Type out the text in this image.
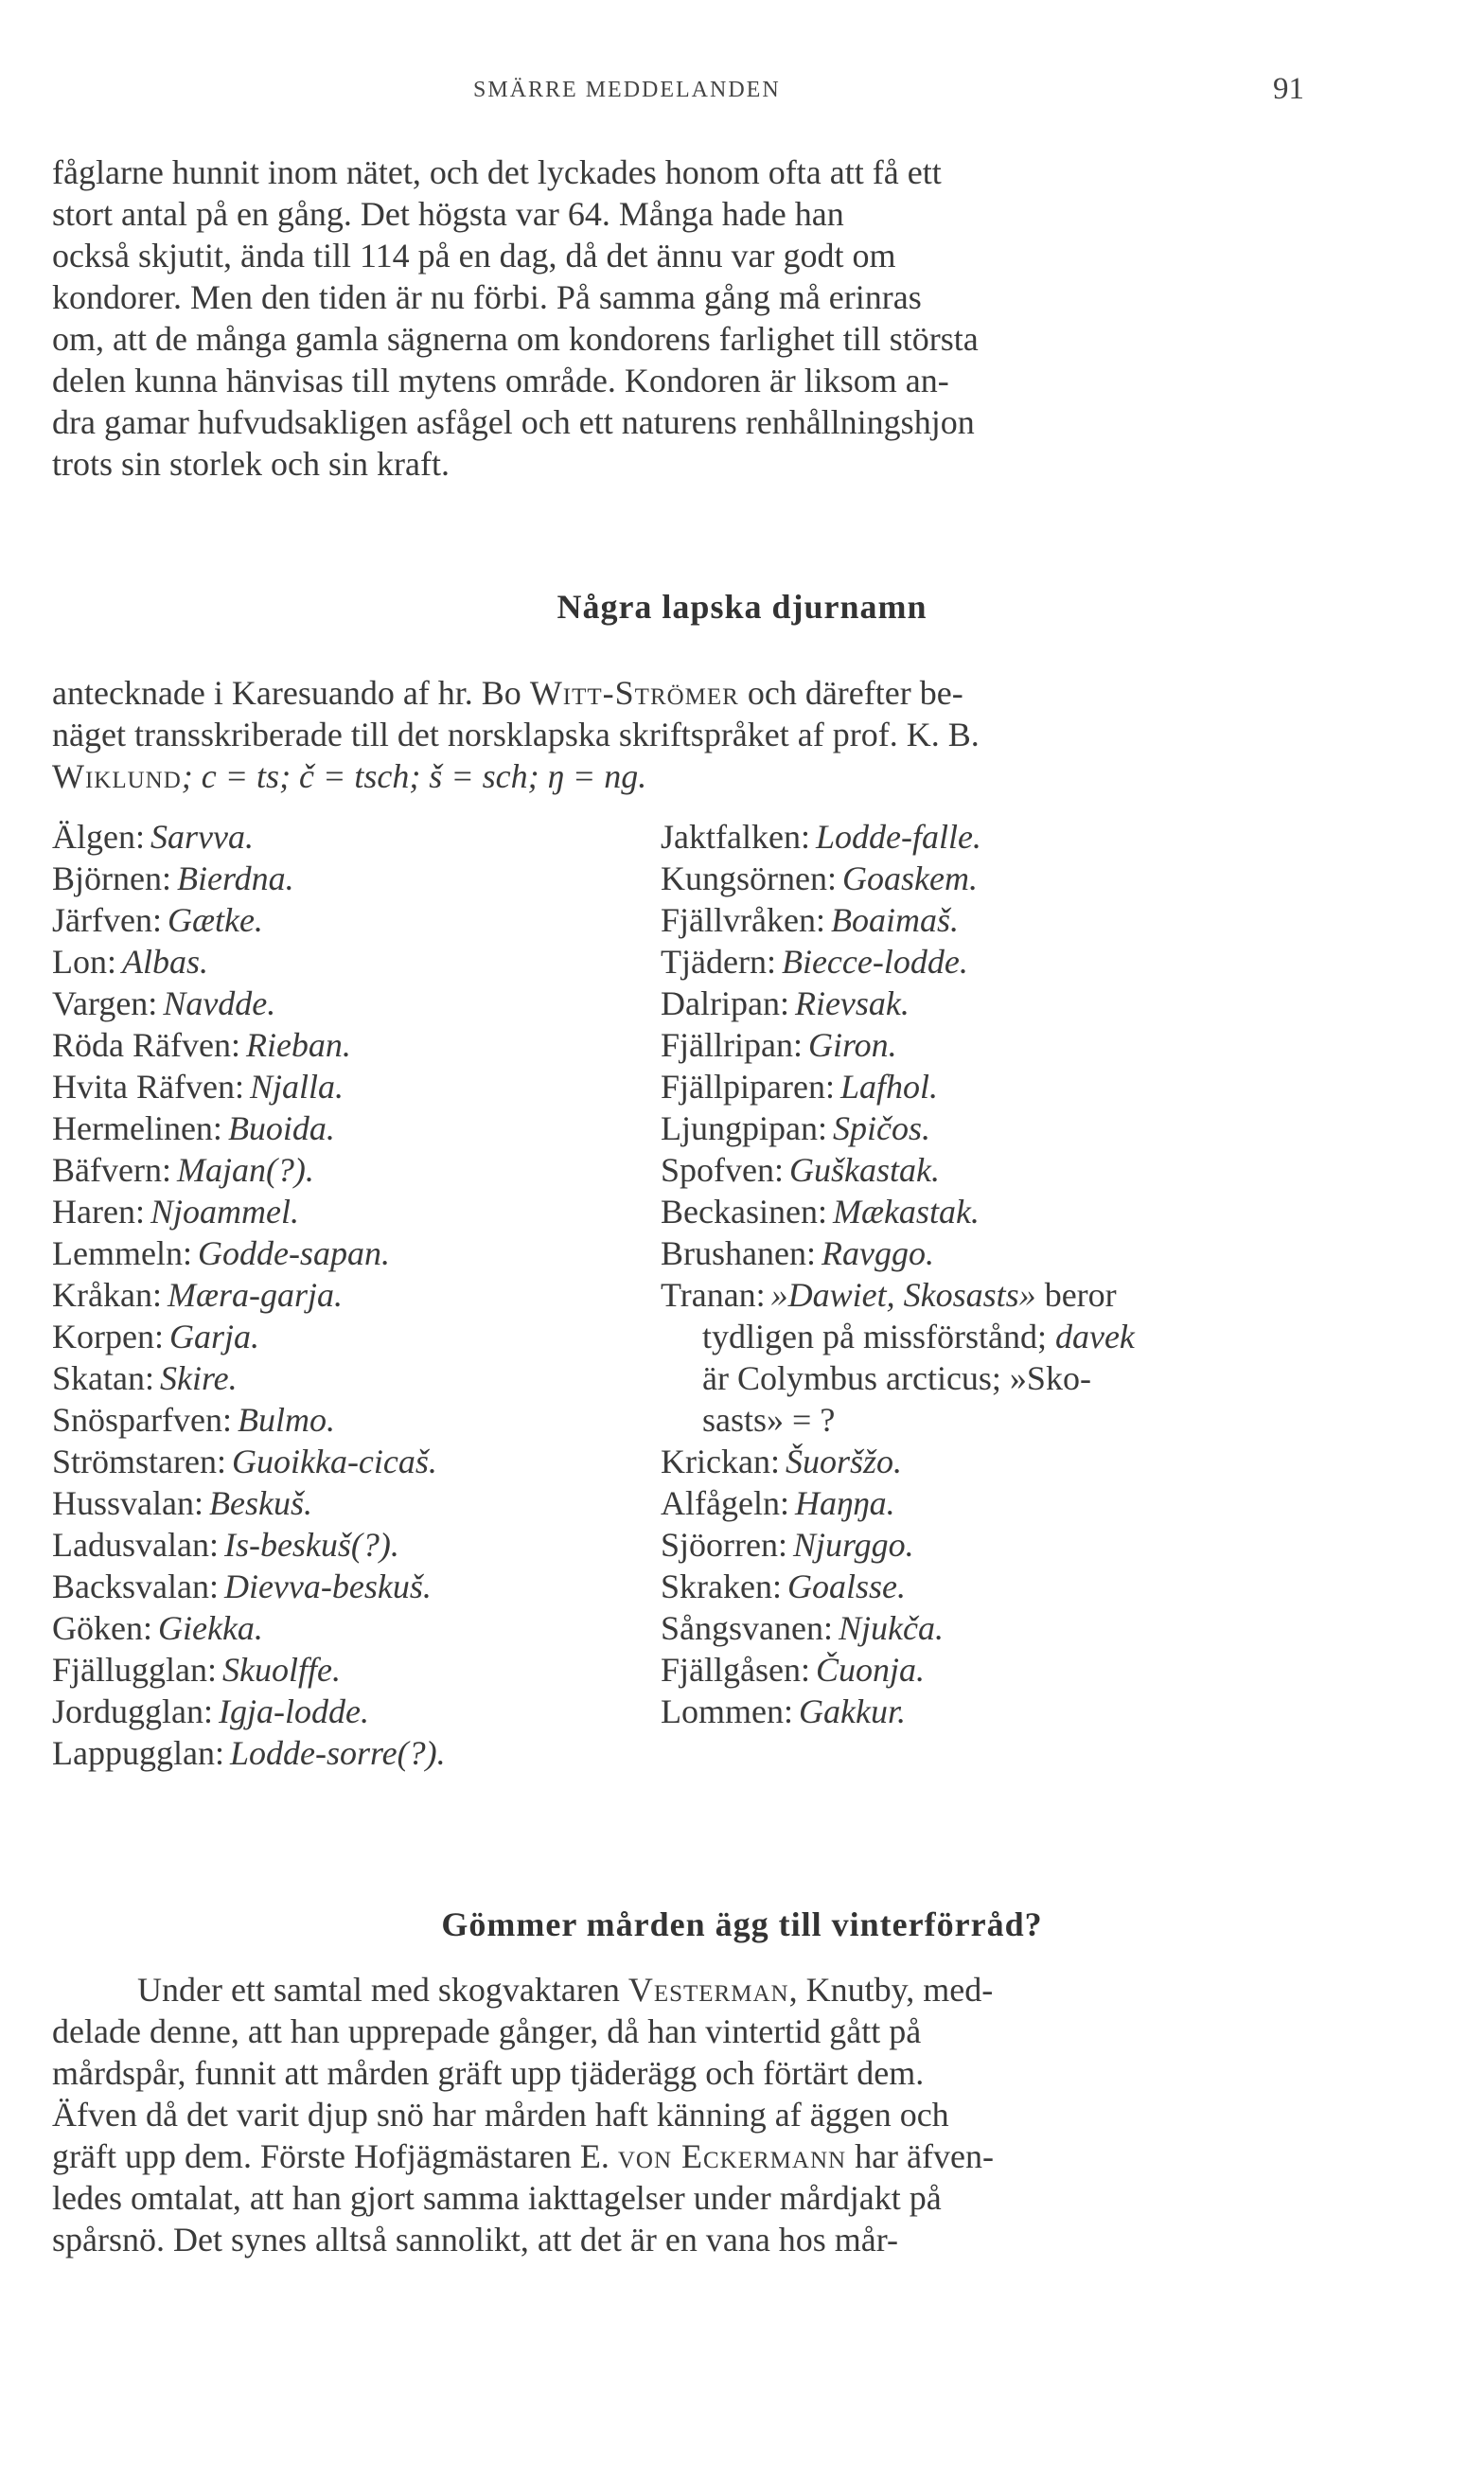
SMÄRRE MEDDELANDEN	91

fåglarne hunnit inom nätet, och det lyckades honom ofta att få ett
stort antal på en gång. Det högsta var 64. Många hade han
också skjutit, ända till 114 på en dag, då det ännu var godt om
kondorer. Men den tiden är nu förbi. På samma gång må erinras
om, att de många gamla sägnerna om kondorens farlighet till största
delen kunna hänvisas till mytens område. Kondoren är liksom an-
dra gamar hufvudsakligen asfågel och ett naturens renhållningshjon
trots sin storlek och sin kraft.

Några lapska djurnamn

antecknade i Karesuando af hr. Bo Witt-Strömer och därefter be-
näget transskriberade till det norsklapska skriftspråket af prof. K. B.
Wiklund; c = ts; č = tsch; š = sch; ŋ = ng.

Älgen: Sarvva.
Björnen: Bierdna.
Järfven: Gætke.
Lon: Albas.
Vargen: Navdde.
Röda Räfven: Rieban.
Hvita Räfven: Njalla.
Hermelinen: Buoida.
Bäfvern: Majan(?).
Haren: Njoammel.
Lemmeln: Godde-sapan.
Kråkan: Mæra-garja.
Korpen: Garja.
Skatan: Skire.
Snösparfven: Bulmo.
Strömstaren: Guoikka-cicaš.
Hussvalan: Beskuš.
Ladusvalan: Is-beskuš(?).
Backsvalan: Dievva-beskuš.
Göken: Giekka.
Fjällugglan: Skuolffe.
Jordugglan: Igja-lodde.
Lappugglan: Lodde-sorre(?).
Jaktfalken: Lodde-falle.
Kungsörnen: Goaskem.
Fjällvråken: Boaimaš.
Tjädern: Biecce-lodde.
Dalripan: Rievsak.
Fjällripan: Giron.
Fjällpiparen: Lafhol.
Ljungpipan: Spičos.
Spofven: Guškastak.
Beckasinen: Mækastak.
Brushanen: Ravggo.
Tranan: »Dawiet, Skosasts» beror
tydligen på missförstånd; davek
är Colymbus arcticus; »Sko-
sasts» = ?
Krickan: Šuoršžo.
Alfågeln: Haŋŋa.
Sjöorren: Njurggo.
Skraken: Goalsse.
Sångsvanen: Njukča.
Fjällgåsen: Čuonja.
Lommen: Gakkur.
Gömmer mården ägg till vinterförråd?

Under ett samtal med skogvaktaren Vesterman, Knutby, med-
delade denne, att han upprepade gånger, då han vintertid gått på
mårdspår, funnit att mården gräft upp tjäderägg och förtärt dem.
Äfven då det varit djup snö har mården haft känning af äggen och
gräft upp dem. Förste Hofjägmästaren E. von Eckermann har äfven-
ledes omtalat, att han gjort samma iakttagelser under mårdjakt på
spårsnö. Det synes alltså sannolikt, att det är en vana hos mår-
